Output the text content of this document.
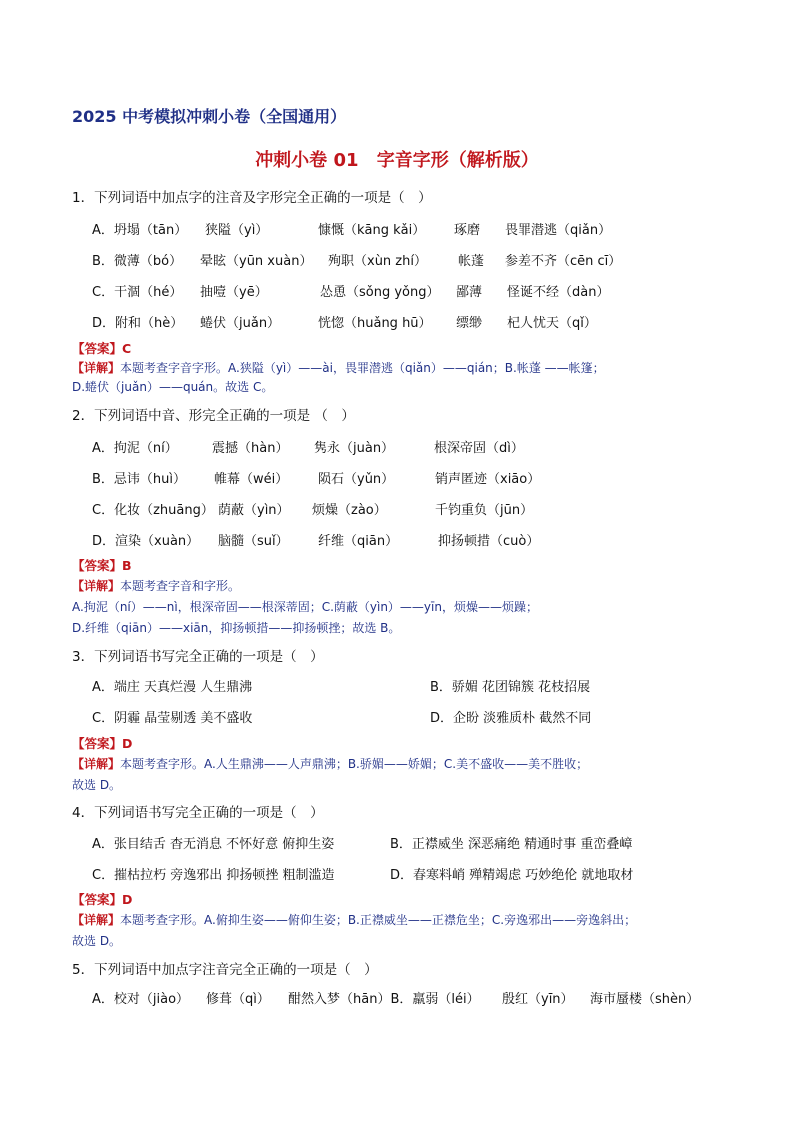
2025 中考模拟冲刺小卷（全国通用）
冲刺小卷 01 字音字形（解析版）
1．下列词语中加点字的注音及字形完全正确的一项是（　）
A．坍塌（tān） 狭隘（yì）	慷慨（kāng kǎi） 琢磨 畏罪潜逃（qiǎn）
B．微薄（bó） 晕眩（yūn xuàn） 殉职（xùn zhí） 帐蓬 参差不齐（cēn cī）
C．干涸（hé） 抽噎（yē）	怂恿（sǒng yǒng） 鄙薄 怪诞不经（dàn）
D．附和（hè） 蜷伏（juǎn）	恍惚（huǎng hū） 缥缈 杞人忧天（qǐ）
【答案】C
【详解】本题考查字音字形。A.狭隘（yì）——ài，畏罪潜逃（qiǎn）——qián；B.帐蓬 ——帐篷；
D.蜷伏（juǎn）——quán。故选 C。
2．下列词语中音、形完全正确的一项是 （　）
A．拘泥（ní）	震撼（hàn） 隽永（juàn）	根深帝固（dì）
B．忌讳（huì） 帷幕（wéi） 陨石（yǔn）	销声匿迹（xiāo）
C．化妆（zhuāng） 荫蔽（yìn） 烦燥（zào）	千钧重负（jūn）
D．渲染（xuàn） 脑髓（suǐ） 纤维（qiān）	抑扬顿措（cuò）
【答案】B
【详解】本题考查字音和字形。
A.拘泥（ní）——nì，根深帝固——根深蒂固；C.荫蔽（yìn）——yīn，烦燥——烦躁；
D.纤维（qiān）——xiān，抑扬顿措——抑扬顿挫；故选 B。
3．下列词语书写完全正确的一项是（　）
A．端庄 天真烂漫 人生鼎沸	B．骄媚 花团锦簇 花枝招展
C．阴霾 晶莹剔透 美不盛收	D．企盼 淡雅质朴 截然不同
【答案】D
【详解】本题考查字形。A.人生鼎沸——人声鼎沸；B.骄媚——娇媚；C.美不盛收——美不胜收；
故选 D。
4．下列词语书写完全正确的一项是（　）
A．张目结舌 杳无消息 不怀好意 俯抑生姿	B．正襟威坐 深恶痛绝 精通时事 重峦叠嶂
C．摧枯拉朽 旁逸邪出 抑扬顿挫 粗制滥造	D．春寒料峭 殚精竭虑 巧妙绝伦 就地取材
【答案】D
【详解】本题考查字形。A.俯抑生姿——俯仰生姿；B.正襟威坐——正襟危坐；C.旁逸邪出——旁逸斜出；
故选 D。
5．下列词语中加点字注音完全正确的一项是（　）
A．校对（jiào） 修葺（qì） 酣然入梦（hān）B．羸弱（léi） 殷红（yīn） 海市蜃楼（shèn）
